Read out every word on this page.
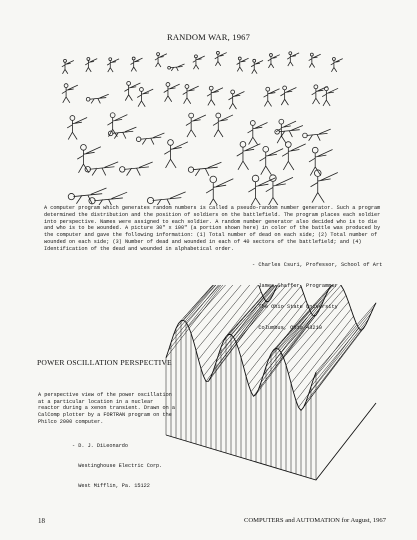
RANDOM WAR, 1967
A computer program which generates random numbers is called a pseudo-random number generator. Such a program determined the distribution and the position of soldiers on the battlefield. The program places each soldier into perspective. Names were assigned to each soldier. A random number generator also decided who is to die and who is to be wounded. A picture 30" x 100" (a portion shown here) in color of the battle was produced by the computer and gave the following information: (1) Total number of dead on each side; (2) Total number of wounded on each side; (3) Number of dead and wounded in each of 40 sectors of the battlefield; and (4) Identification of the dead and wounded in alphabetical order.

- Charles Csuri, Professor, School of Art

James Shaffer, Programmer

The Ohio State University

Columbus, Ohio 43210

POWER OSCILLATION PERSPECTIVE
A perspective view of the power oscillation at a particular location in a nuclear reactor during a xenon transient. Drawn on a CalComp plotter by a FORTRAN program on the Philco 2000 computer.

- D. J. DiLeonardo

Westinghouse Electric Corp.

West Mifflin, Pa. 15122

18	COMPUTERS and AUTOMATION for August, 1967
